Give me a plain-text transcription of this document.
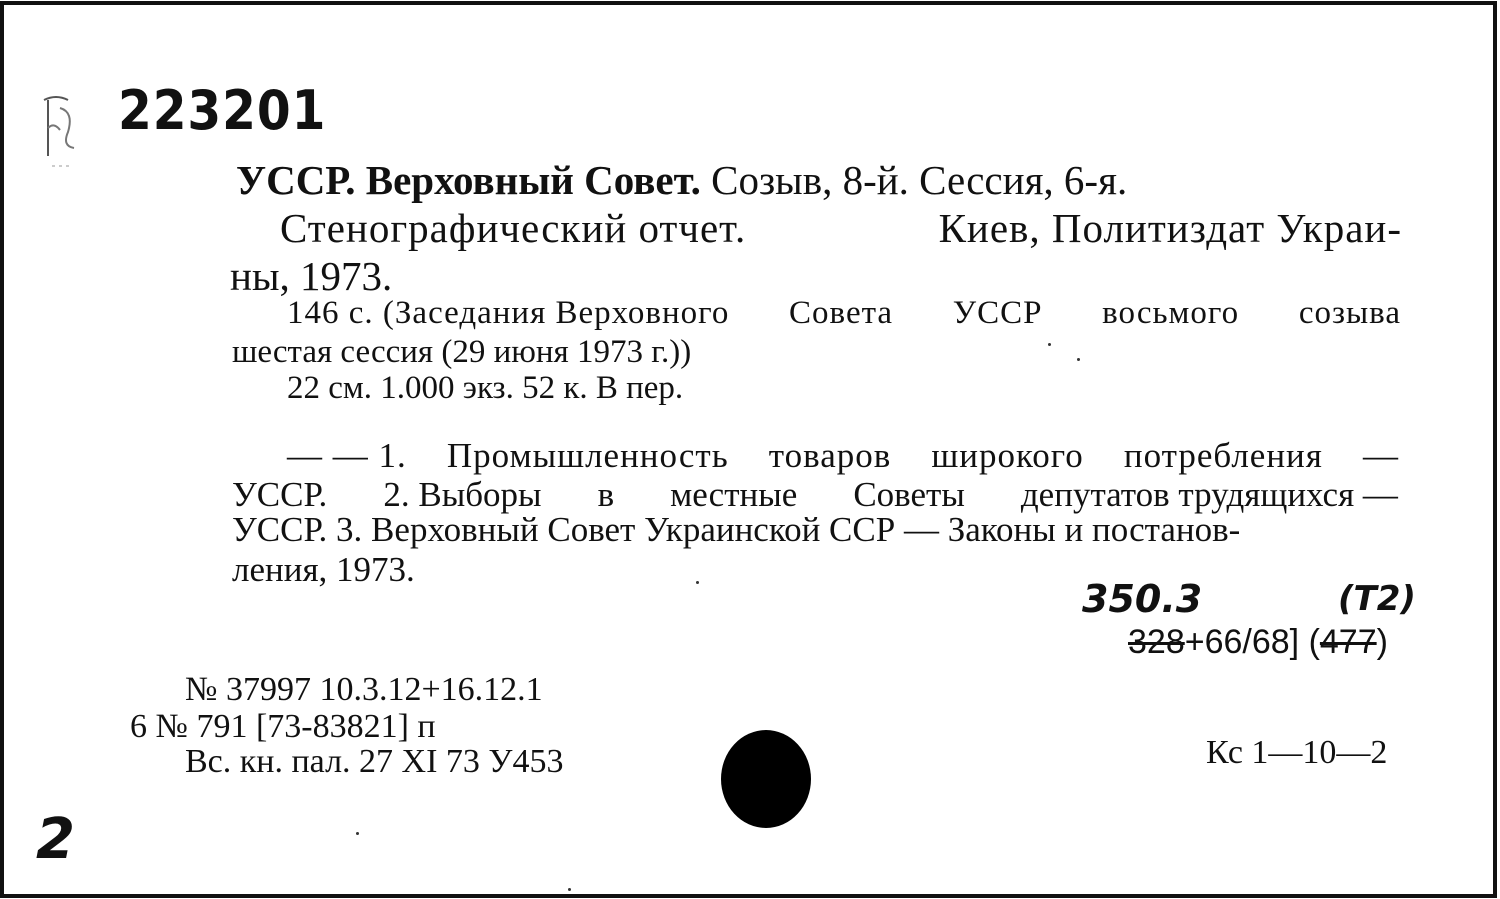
223201
УССР. Верховный Совет. Созыв, 8-й. Сессия, 6-я.
Стенографический отчет.	Киев, Политиздат Украи-
ны, 1973.
146 с. (Заседания Верховного Совета УССР восьмого созыва
шестая сессия (29 июня 1973 г.))
22 см. 1.000 экз. 52 к. В пер.
— — 1. Промышленность товаров широкого потребления —
УССР. 2. Выборы в местные Советы депутатов трудящихся —
УССР. 3. Верховный Совет Украинской ССР — Законы и постанов-
ления, 1973.
350.3	(Т2)
328+66/68] (477)
№ 37997 10.3.12+16.12.1
6 № 791 [73-83821] п
Вс. кн. пал. 27 XI 73 У453	Кс 1—10—2
2
